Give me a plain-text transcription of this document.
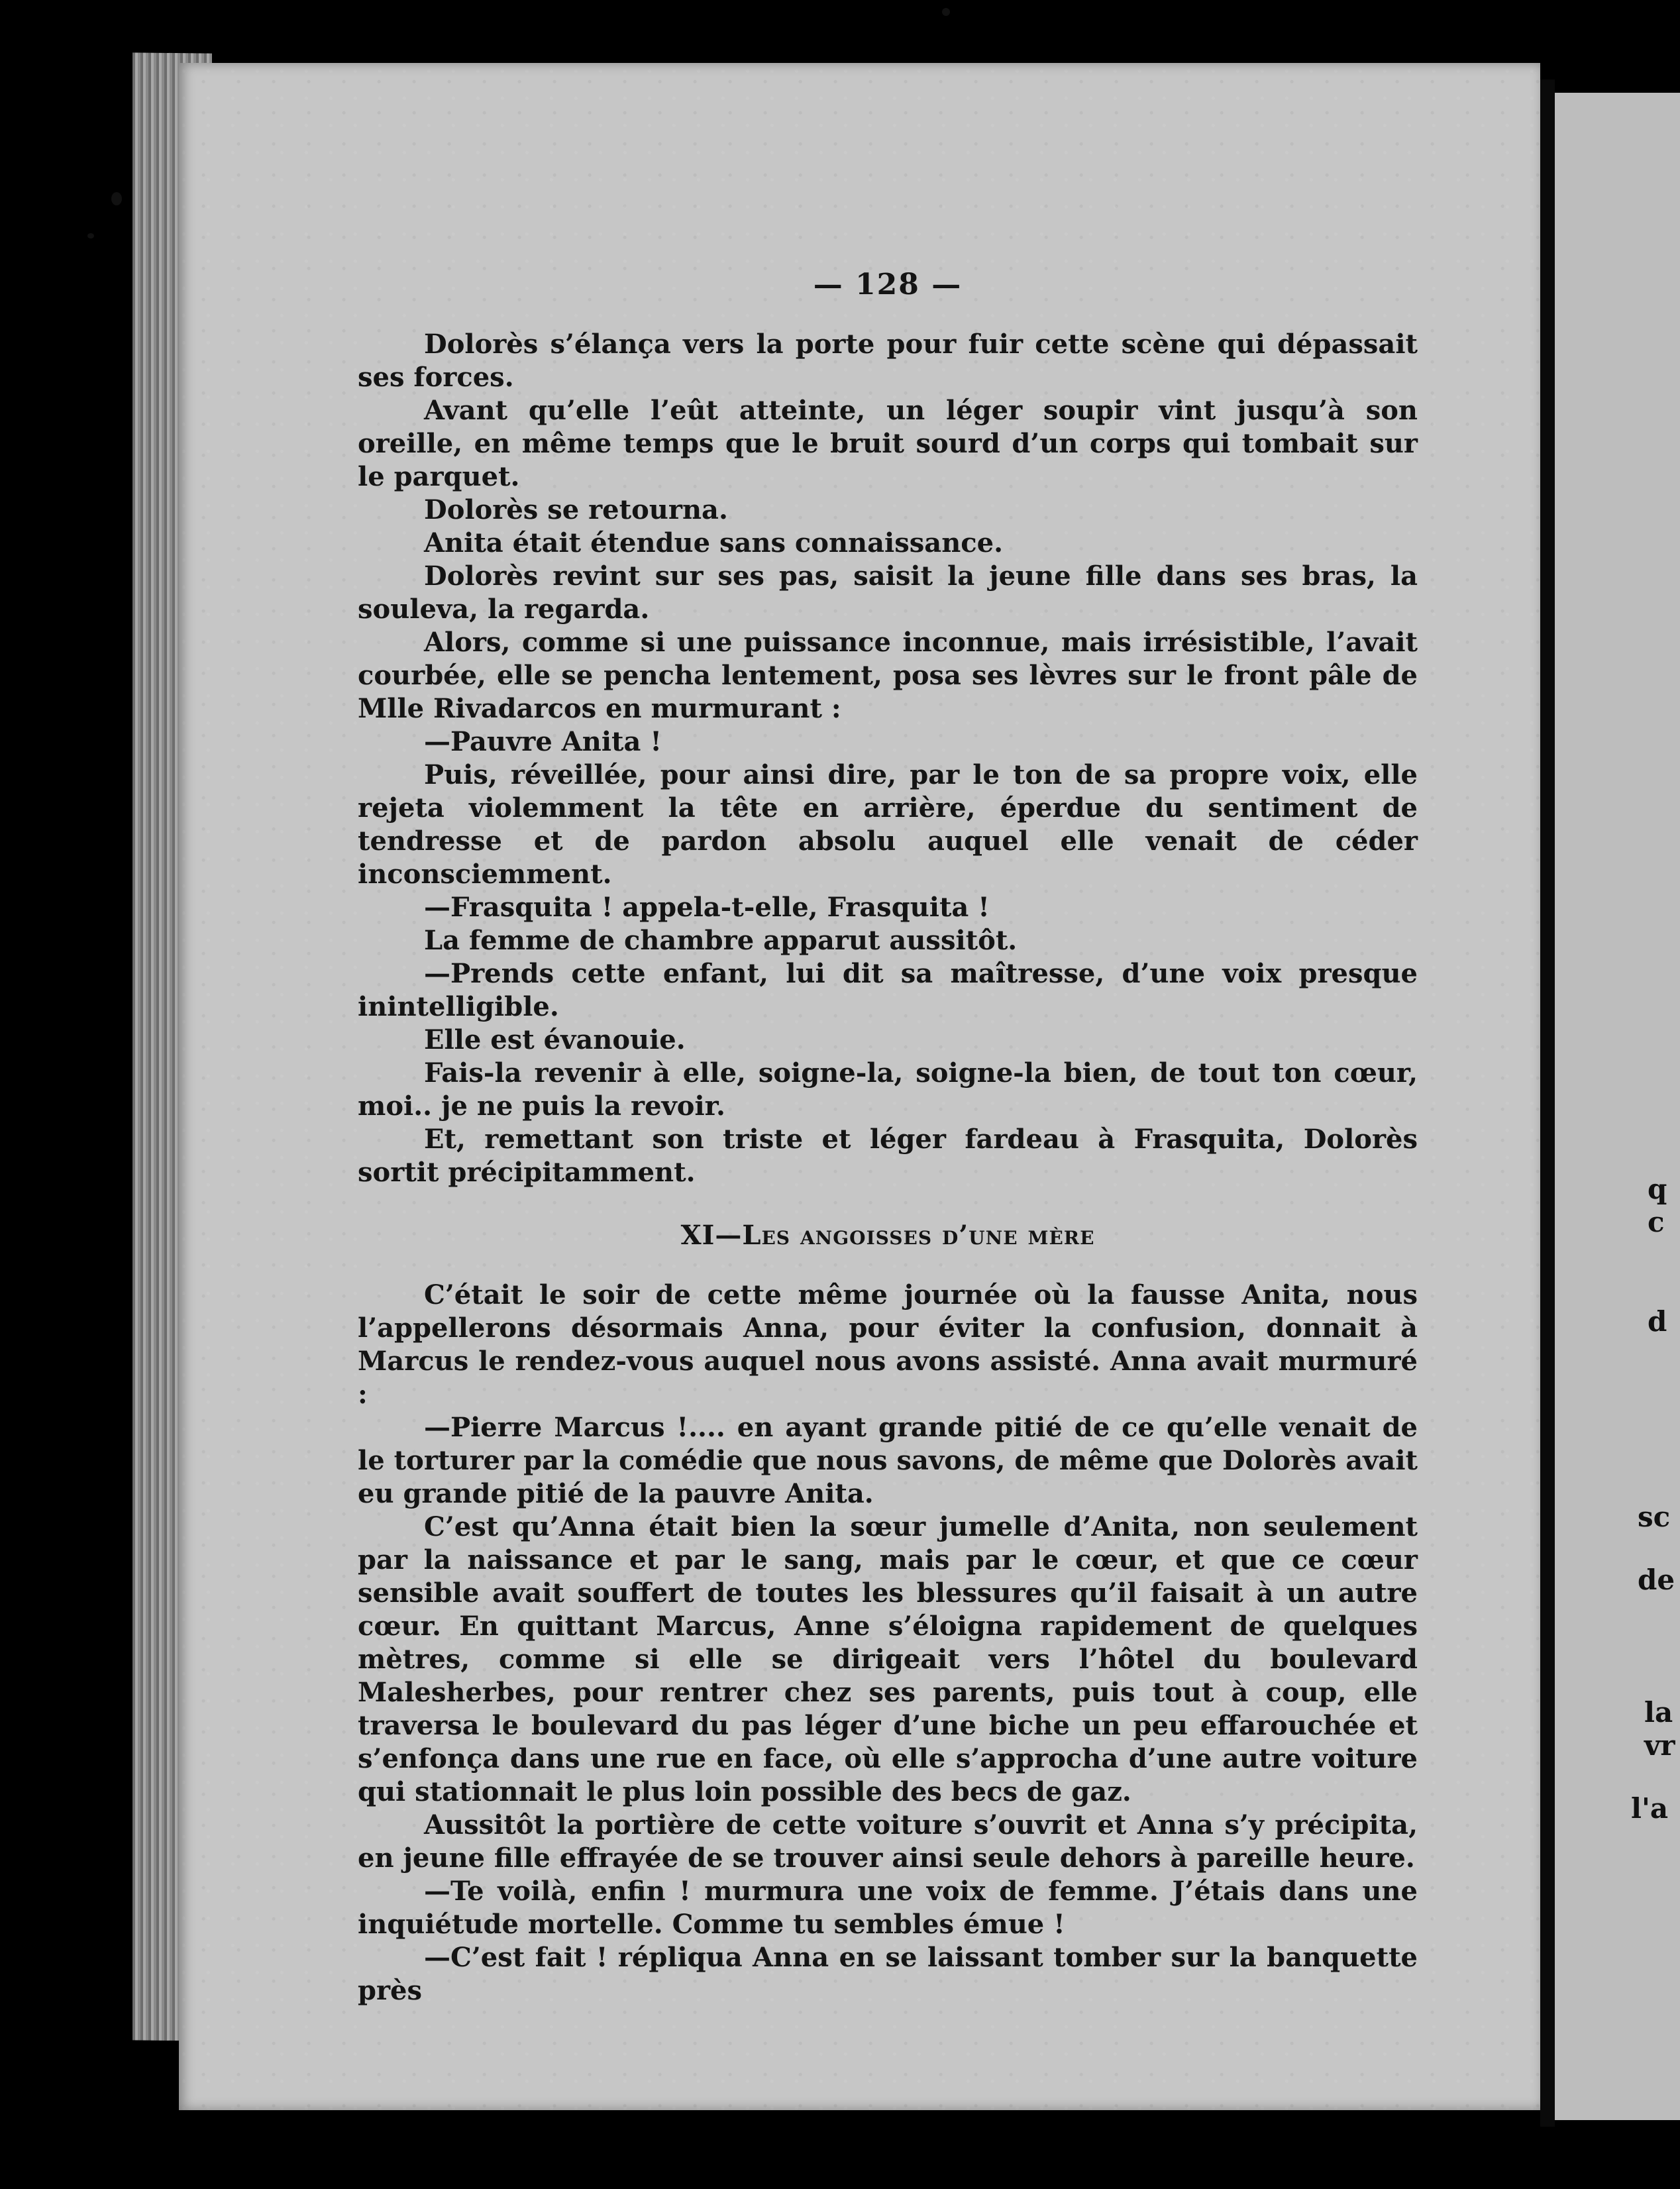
q
c
d
sc
de
la
vr
l'a
— 128 —

Dolorès s’élança vers la porte pour fuir cette scène qui dépassait ses forces.

Avant qu’elle l’eût atteinte, un léger soupir vint jusqu’à son oreille, en même temps que le bruit sourd d’un corps qui tombait sur le parquet.

Dolorès se retourna.

Anita était étendue sans connaissance.

Dolorès revint sur ses pas, saisit la jeune fille dans ses bras, la souleva, la regarda.

Alors, comme si une puissance inconnue, mais irrésistible, l’avait courbée, elle se pencha lentement, posa ses lèvres sur le front pâle de Mlle Rivadarcos en murmurant :

—Pauvre Anita !

Puis, réveillée, pour ainsi dire, par le ton de sa propre voix, elle rejeta violemment la tête en arrière, éperdue du sentiment de tendresse et de pardon absolu auquel elle venait de céder inconsciemment.

—Frasquita ! appela-t-elle, Frasquita !

La femme de chambre apparut aussitôt.

—Prends cette enfant, lui dit sa maîtresse, d’une voix presque inintelligible.

Elle est évanouie.

Fais-la revenir à elle, soigne-la, soigne-la bien, de tout ton cœur, moi.. je ne puis la revoir.

Et, remettant son triste et léger fardeau à Frasquita, Dolorès sortit précipitamment.

XI—Les angoisses d’une mère

C’était le soir de cette même journée où la fausse Anita, nous l’appellerons désormais Anna, pour éviter la confusion, donnait à Marcus le rendez-vous auquel nous avons assisté. Anna avait murmuré :

—Pierre Marcus !.... en ayant grande pitié de ce qu’elle venait de le torturer par la comédie que nous savons, de même que Dolorès avait eu grande pitié de la pauvre Anita.

C’est qu’Anna était bien la sœur jumelle d’Anita, non seulement par la naissance et par le sang, mais par le cœur, et que ce cœur sensible avait souffert de toutes les blessures qu’il faisait à un autre cœur. En quittant Marcus, Anne s’éloigna rapidement de quelques mètres, comme si elle se dirigeait vers l’hôtel du boulevard Malesherbes, pour rentrer chez ses parents, puis tout à coup, elle traversa le boulevard du pas léger d’une biche un peu effarouchée et s’enfonça dans une rue en face, où elle s’approcha d’une autre voiture qui stationnait le plus loin possible des becs de gaz.

Aussitôt la portière de cette voiture s’ouvrit et Anna s’y précipita, en jeune fille effrayée de se trouver ainsi seule dehors à pareille heure.

—Te voilà, enfin ! murmura une voix de femme. J’étais dans une inquiétude mortelle. Comme tu sembles émue !

—C’est fait ! répliqua Anna en se laissant tomber sur la banquette près
